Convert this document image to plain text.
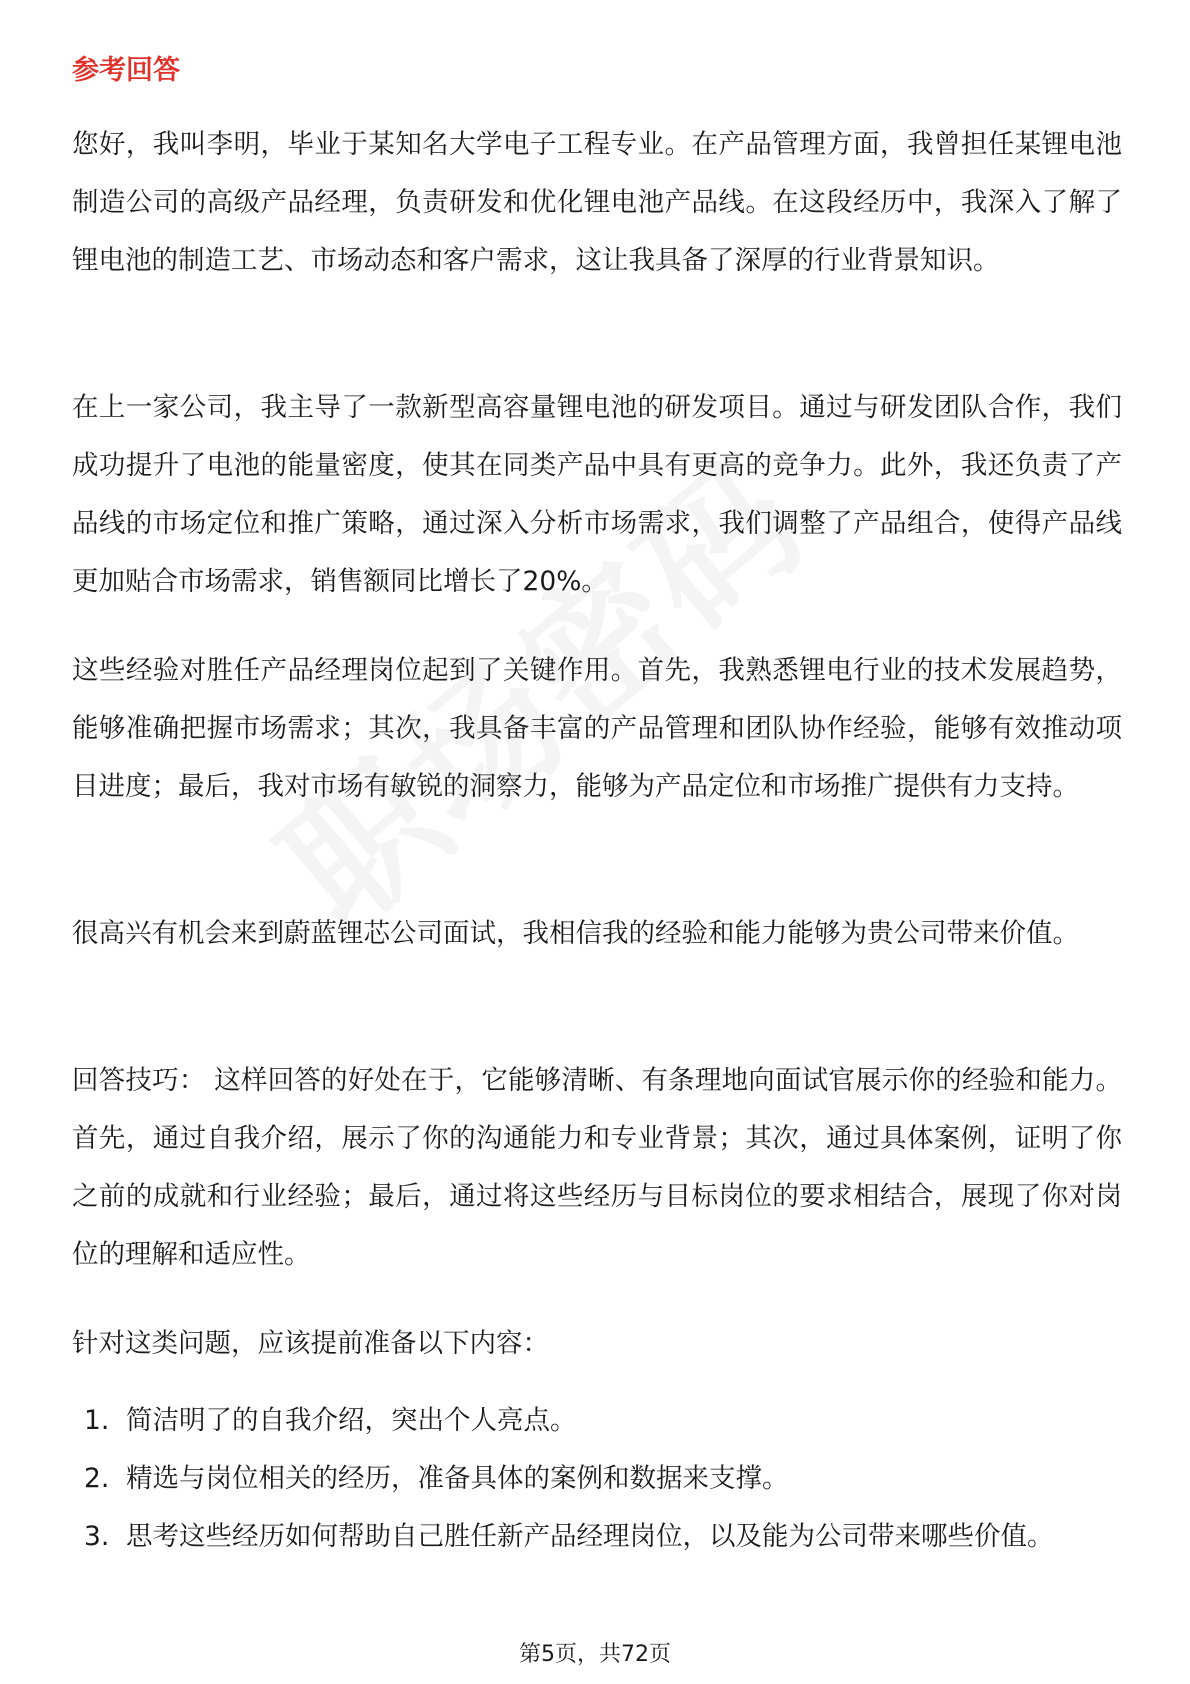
参考回答

您好，我叫李明，毕业于某知名大学电子工程专业。在产品管理方面，我曾担任某锂电池制造公司的高级产品经理，负责研发和优化锂电池产品线。在这段经历中，我深入了解了锂电池的制造工艺、市场动态和客户需求，这让我具备了深厚的行业背景知识。

在上一家公司，我主导了一款新型高容量锂电池的研发项目。通过与研发团队合作，我们成功提升了电池的能量密度，使其在同类产品中具有更高的竞争力。此外，我还负责了产品线的市场定位和推广策略，通过深入分析市场需求，我们调整了产品组合，使得产品线更加贴合市场需求，销售额同比增长了20%。

这些经验对胜任产品经理岗位起到了关键作用。首先，我熟悉锂电行业的技术发展趋势，能够准确把握市场需求；其次，我具备丰富的产品管理和团队协作经验，能够有效推动项目进度；最后，我对市场有敏锐的洞察力，能够为产品定位和市场推广提供有力支持。

很高兴有机会来到蔚蓝锂芯公司面试，我相信我的经验和能力能够为贵公司带来价值。

回答技巧： 这样回答的好处在于，它能够清晰、有条理地向面试官展示你的经验和能力。首先，通过自我介绍，展示了你的沟通能力和专业背景；其次，通过具体案例，证明了你之前的成就和行业经验；最后，通过将这些经历与目标岗位的要求相结合，展现了你对岗位的理解和适应性。

针对这类问题，应该提前准备以下内容：

1. 简洁明了的自我介绍，突出个人亮点。
2. 精选与岗位相关的经历，准备具体的案例和数据来支撑。
3. 思考这些经历如何帮助自己胜任新产品经理岗位，以及能为公司带来哪些价值。
第5页，共72页
